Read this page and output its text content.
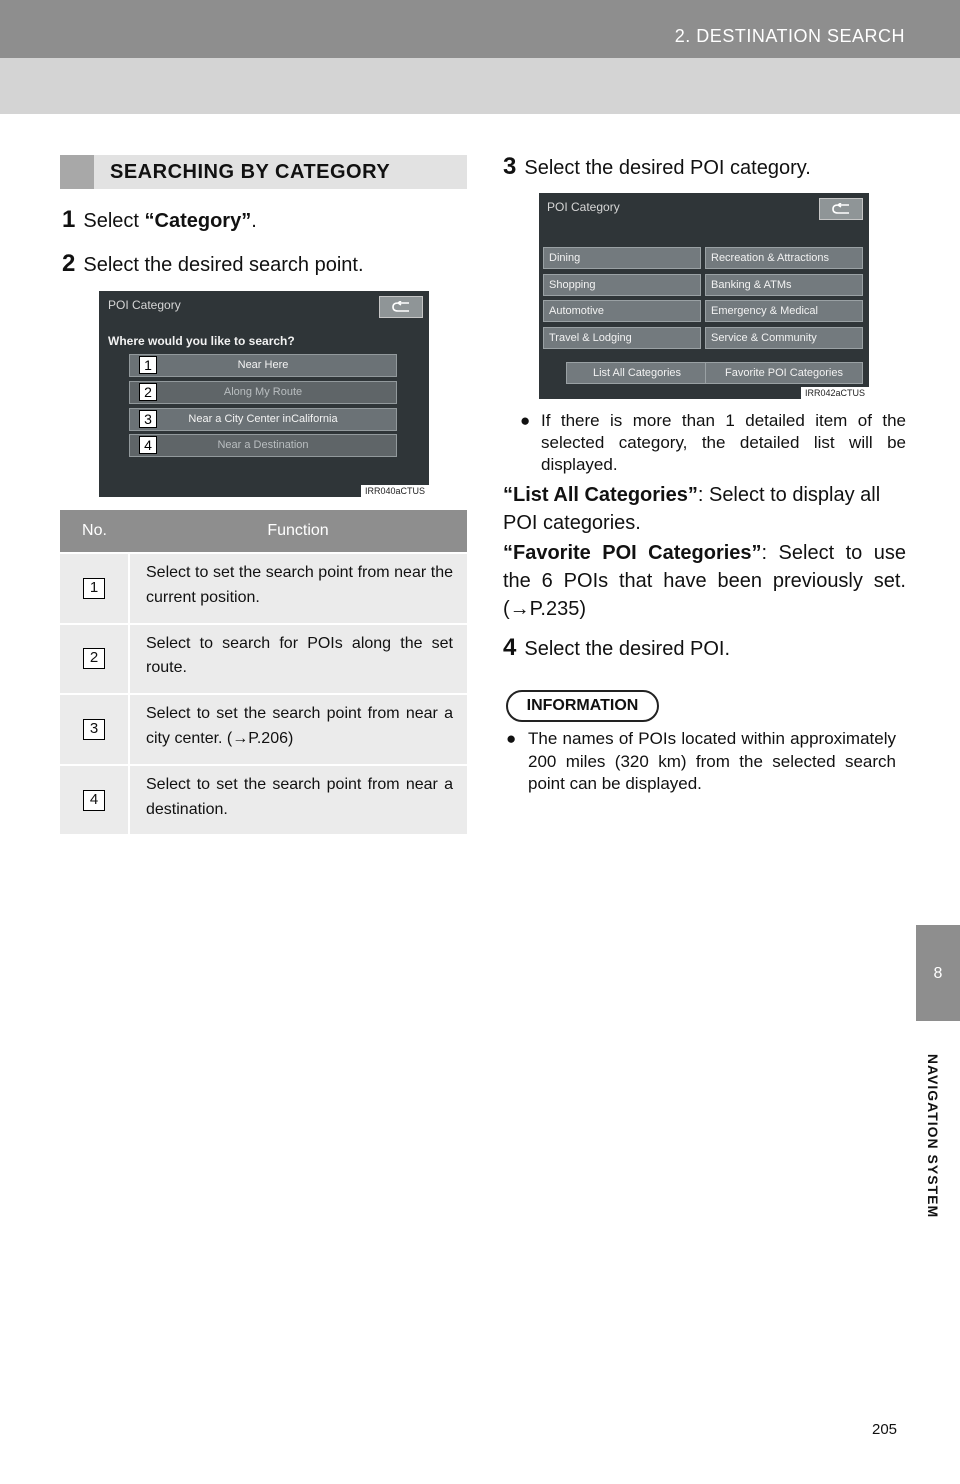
2. DESTINATION SEARCH
8
NAVIGATION SYSTEM
SEARCHING BY CATEGORY
1 Select “Category”.
2 Select the desired search point.
POI Category
Where would you like to search?
Near Here
Along My Route
Near a City Center inCalifornia
Near a Destination
1
2
3
4
IRR040aCTUS
No.	Function
1	Select to set the search point from near the current position.
2	Select to search for POIs along the set route.
3	Select to set the search point from near a city center. (→P.206)
4	Select to set the search point from near a destination.
3 Select the desired POI category.
POI Category
Dining	Recreation & Attractions
Shopping	Banking & ATMs
Automotive	Emergency & Medical
Travel & Lodging	Service & Community
List All Categories	Favorite POI Categories
IRR042aCTUS
● If there is more than 1 detailed item of the selected category, the detailed list will be displayed.
“List All Categories”: Select to display all POI categories.
“Favorite POI Categories”: Select to use the 6 POIs that have been previously set.(→P.235)
4 Select the desired POI.
INFORMATION
● The names of POIs located within approximately 200 miles (320 km) from the selected search point can be displayed.
205
